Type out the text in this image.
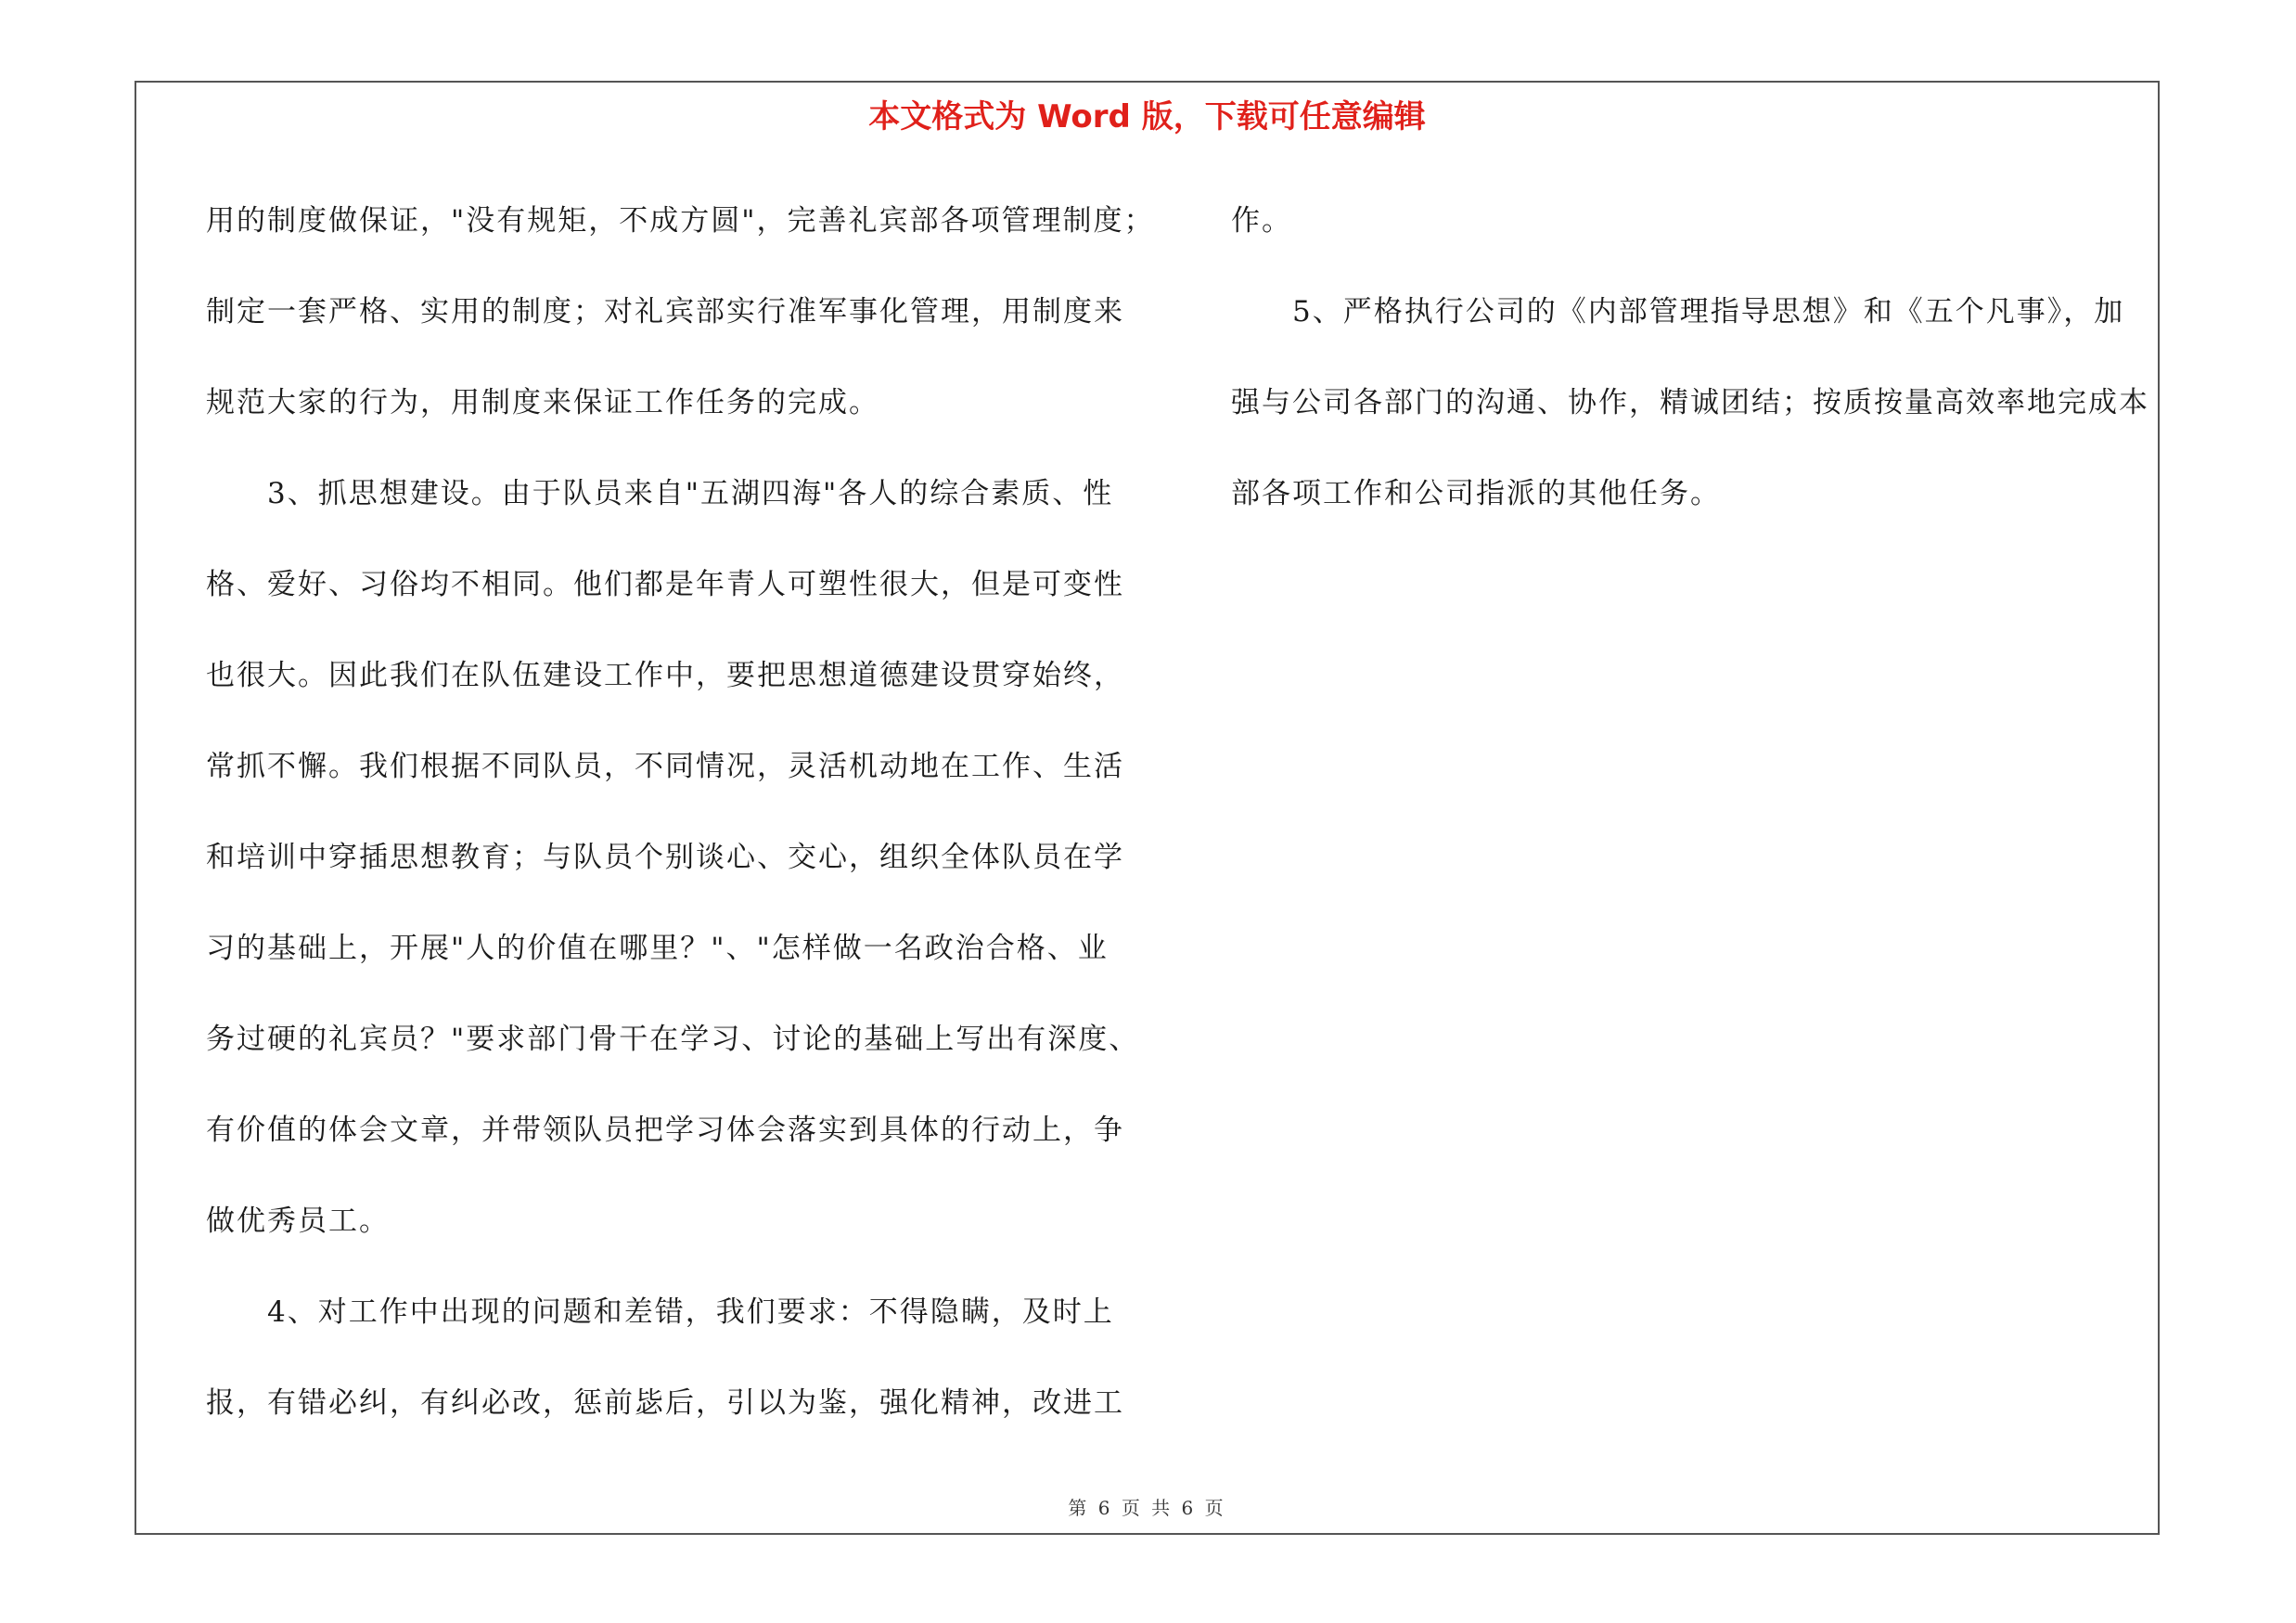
本文格式为 Word 版，下载可任意编辑
用的制度做保证，"没有规矩，不成方圆"，完善礼宾部各项管理制度；
制定一套严格、实用的制度；对礼宾部实行准军事化管理，用制度来
规范大家的行为，用制度来保证工作任务的完成。
　　3、抓思想建设。由于队员来自"五湖四海"各人的综合素质、性
格、爱好、习俗均不相同。他们都是年青人可塑性很大，但是可变性
也很大。因此我们在队伍建设工作中，要把思想道德建设贯穿始终，
常抓不懈。我们根据不同队员，不同情况，灵活机动地在工作、生活
和培训中穿插思想教育；与队员个别谈心、交心，组织全体队员在学
习的基础上，开展"人的价值在哪里？"、"怎样做一名政治合格、业
务过硬的礼宾员？"要求部门骨干在学习、讨论的基础上写出有深度、
有价值的体会文章，并带领队员把学习体会落实到具体的行动上，争
做优秀员工。
　　4、对工作中出现的问题和差错，我们要求：不得隐瞒，及时上
报，有错必纠，有纠必改，惩前毖后，引以为鉴，强化精神，改进工
作。
　　5、严格执行公司的《内部管理指导思想》和《五个凡事》，加
强与公司各部门的沟通、协作，精诚团结；按质按量高效率地完成本
部各项工作和公司指派的其他任务。
第 6 页 共 6 页
